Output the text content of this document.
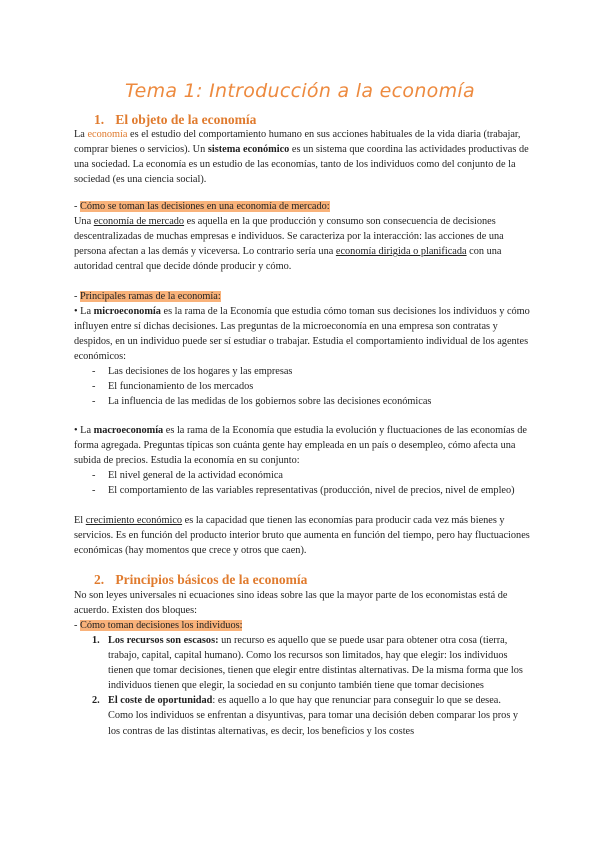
Tema 1: Introducción a la economía
1. El objeto de la economía
La economía es el estudio del comportamiento humano en sus acciones habituales de la vida diaria (trabajar, comprar bienes o servicios). Un sistema económico es un sistema que coordina las actividades productivas de una sociedad. La economía es un estudio de las economías, tanto de los individuos como del conjunto de la sociedad (es una ciencia social).
- Cómo se toman las decisiones en una economía de mercado:
Una economía de mercado es aquella en la que producción y consumo son consecuencia de decisiones descentralizadas de muchas empresas e individuos. Se caracteriza por la interacción: las acciones de una persona afectan a las demás y viceversa. Lo contrario sería una economía dirigida o planificada con una autoridad central que decide dónde producir y cómo.
- Principales ramas de la economía:
• La microeconomía es la rama de la Economía que estudia cómo toman sus decisiones los individuos y cómo influyen entre sí dichas decisiones. Las preguntas de la microeconomía en una empresa son contratas y despidos, en un individuo puede ser sí estudiar o trabajar. Estudia el comportamiento individual de los agentes económicos:
- Las decisiones de los hogares y las empresas
- El funcionamiento de los mercados
- La influencia de las medidas de los gobiernos sobre las decisiones económicas
• La macroeconomía es la rama de la Economía que estudia la evolución y fluctuaciones de las economías de forma agregada. Preguntas típicas son cuánta gente hay empleada en un país o desempleo, cómo afecta una subida de precios. Estudia la economía en su conjunto:
- El nivel general de la actividad económica
- El comportamiento de las variables representativas (producción, nivel de precios, nivel de empleo)
El crecimiento económico es la capacidad que tienen las economías para producir cada vez más bienes y servicios. Es en función del producto interior bruto que aumenta en función del tiempo, pero hay fluctuaciones económicas (hay momentos que crece y otros que caen).
2. Principios básicos de la economía
No son leyes universales ni ecuaciones sino ideas sobre las que la mayor parte de los economistas está de acuerdo. Existen dos bloques:
- Cómo toman decisiones los individuos:
1. Los recursos son escasos: un recurso es aquello que se puede usar para obtener otra cosa (tierra, trabajo, capital, capital humano). Como los recursos son limitados, hay que elegir: los individuos tienen que tomar decisiones, tienen que elegir entre distintas alternativas. De la misma forma que los individuos tienen que elegir, la sociedad en su conjunto también tiene que tomar decisiones
2. El coste de oportunidad: es aquello a lo que hay que renunciar para conseguir lo que se desea.
Como los individuos se enfrentan a disyuntivas, para tomar una decisión deben comparar los pros y los contras de las distintas alternativas, es decir, los beneficios y los costes
